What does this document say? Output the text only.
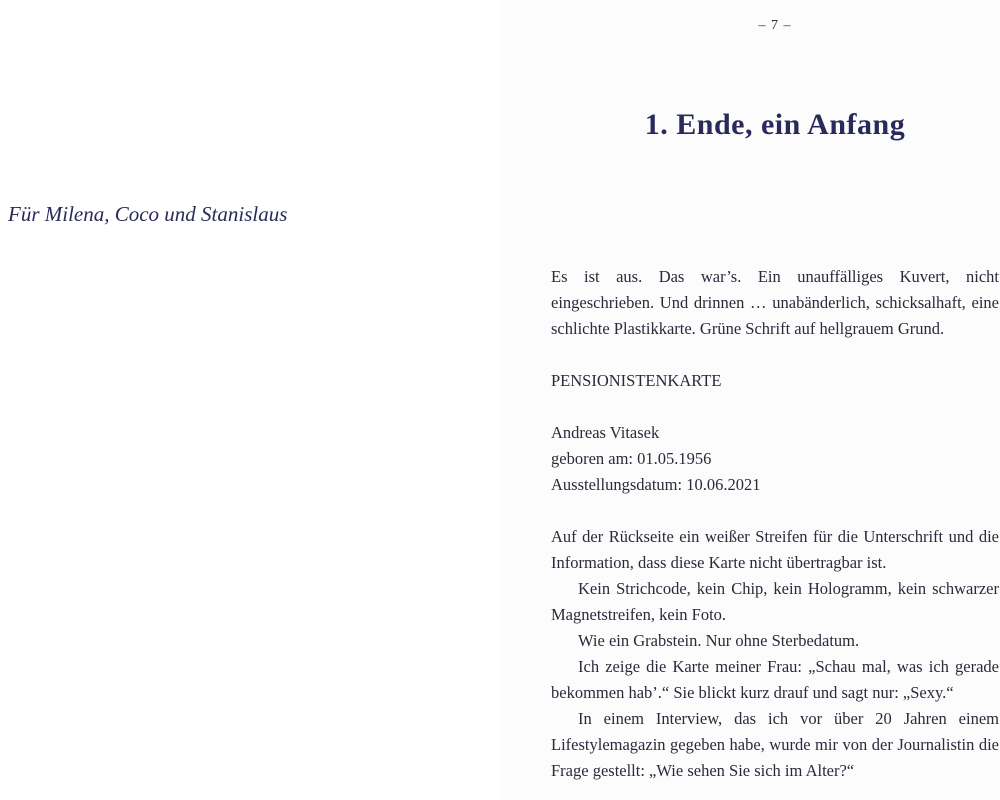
– 7 –
Für Milena, Coco und Stanislaus
1. Ende, ein Anfang

Es ist aus. Das war’s. Ein unauffälliges Kuvert, nicht eingeschrieben. Und drinnen … unabänderlich, schicksalhaft, eine schlichte Plastikkarte. Grüne Schrift auf hellgrauem Grund.

PENSIONISTENKARTE

Andreas Vitasek
geboren am: 01.05.1956
Ausstellungsdatum: 10.06.2021

Auf der Rückseite ein weißer Streifen für die Unterschrift und die Information, dass diese Karte nicht übertragbar ist.

Kein Strichcode, kein Chip, kein Hologramm, kein schwarzer Magnetstreifen, kein Foto.

Wie ein Grabstein. Nur ohne Sterbedatum.

Ich zeige die Karte meiner Frau: „Schau mal, was ich gerade bekommen hab’.“ Sie blickt kurz drauf und sagt nur: „Sexy.“

In einem Interview, das ich vor über 20 Jahren einem Lifestylemagazin gegeben habe, wurde mir von der Journalistin die Frage gestellt: „Wie sehen Sie sich im Alter?“
